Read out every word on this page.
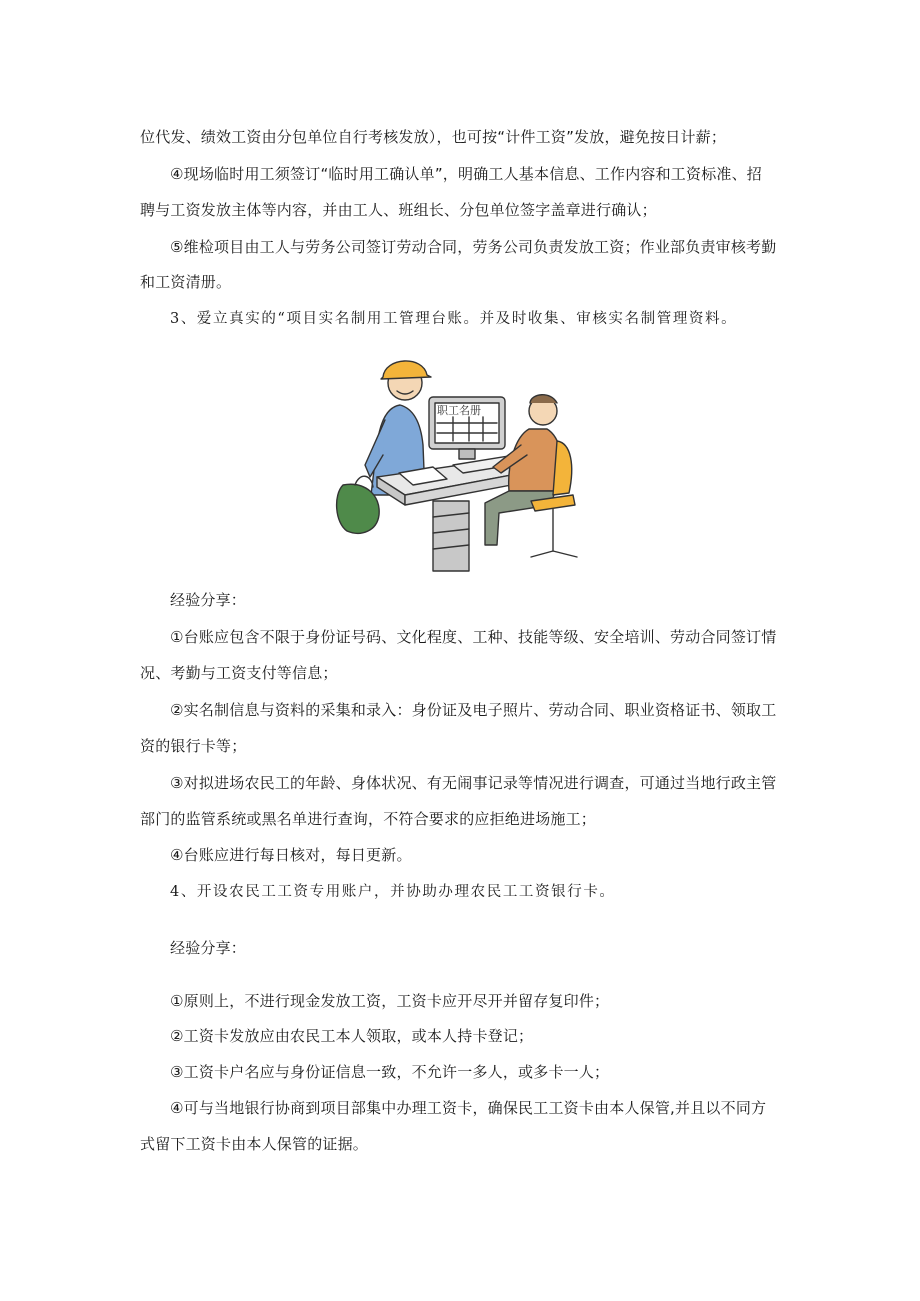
位代发、绩效工资由分包单位自行考核发放），也可按“计件工资”发放，避免按日计薪；
④现场临时用工须签订“临时用工确认单”，明确工人基本信息、工作内容和工资标准、招
聘与工资发放主体等内容，并由工人、班组长、分包单位签字盖章进行确认；
⑤维检项目由工人与劳务公司签订劳动合同，劳务公司负责发放工资；作业部负责审核考勤
和工资清册。
3、爱立真实的“项目实名制用工管理台账。并及时收集、审核实名制管理资料。
职工名册
经验分享：
①台账应包含不限于身份证号码、文化程度、工种、技能等级、安全培训、劳动合同签订情
况、考勤与工资支付等信息；
②实名制信息与资料的采集和录入：身份证及电子照片、劳动合同、职业资格证书、领取工
资的银行卡等；
③对拟进场农民工的年龄、身体状况、有无闹事记录等情况进行调查，可通过当地行政主管
部门的监管系统或黑名单进行查询，不符合要求的应拒绝进场施工；
④台账应进行每日核对，每日更新。
4、开设农民工工资专用账户，并协助办理农民工工资银行卡。
经验分享：
①原则上，不进行现金发放工资，工资卡应开尽开并留存复印件；
②工资卡发放应由农民工本人领取，或本人持卡登记；
③工资卡户名应与身份证信息一致，不允许一多人，或多卡一人；
④可与当地银行协商到项目部集中办理工资卡，确保民工工资卡由本人保管,并且以不同方
式留下工资卡由本人保管的证据。
